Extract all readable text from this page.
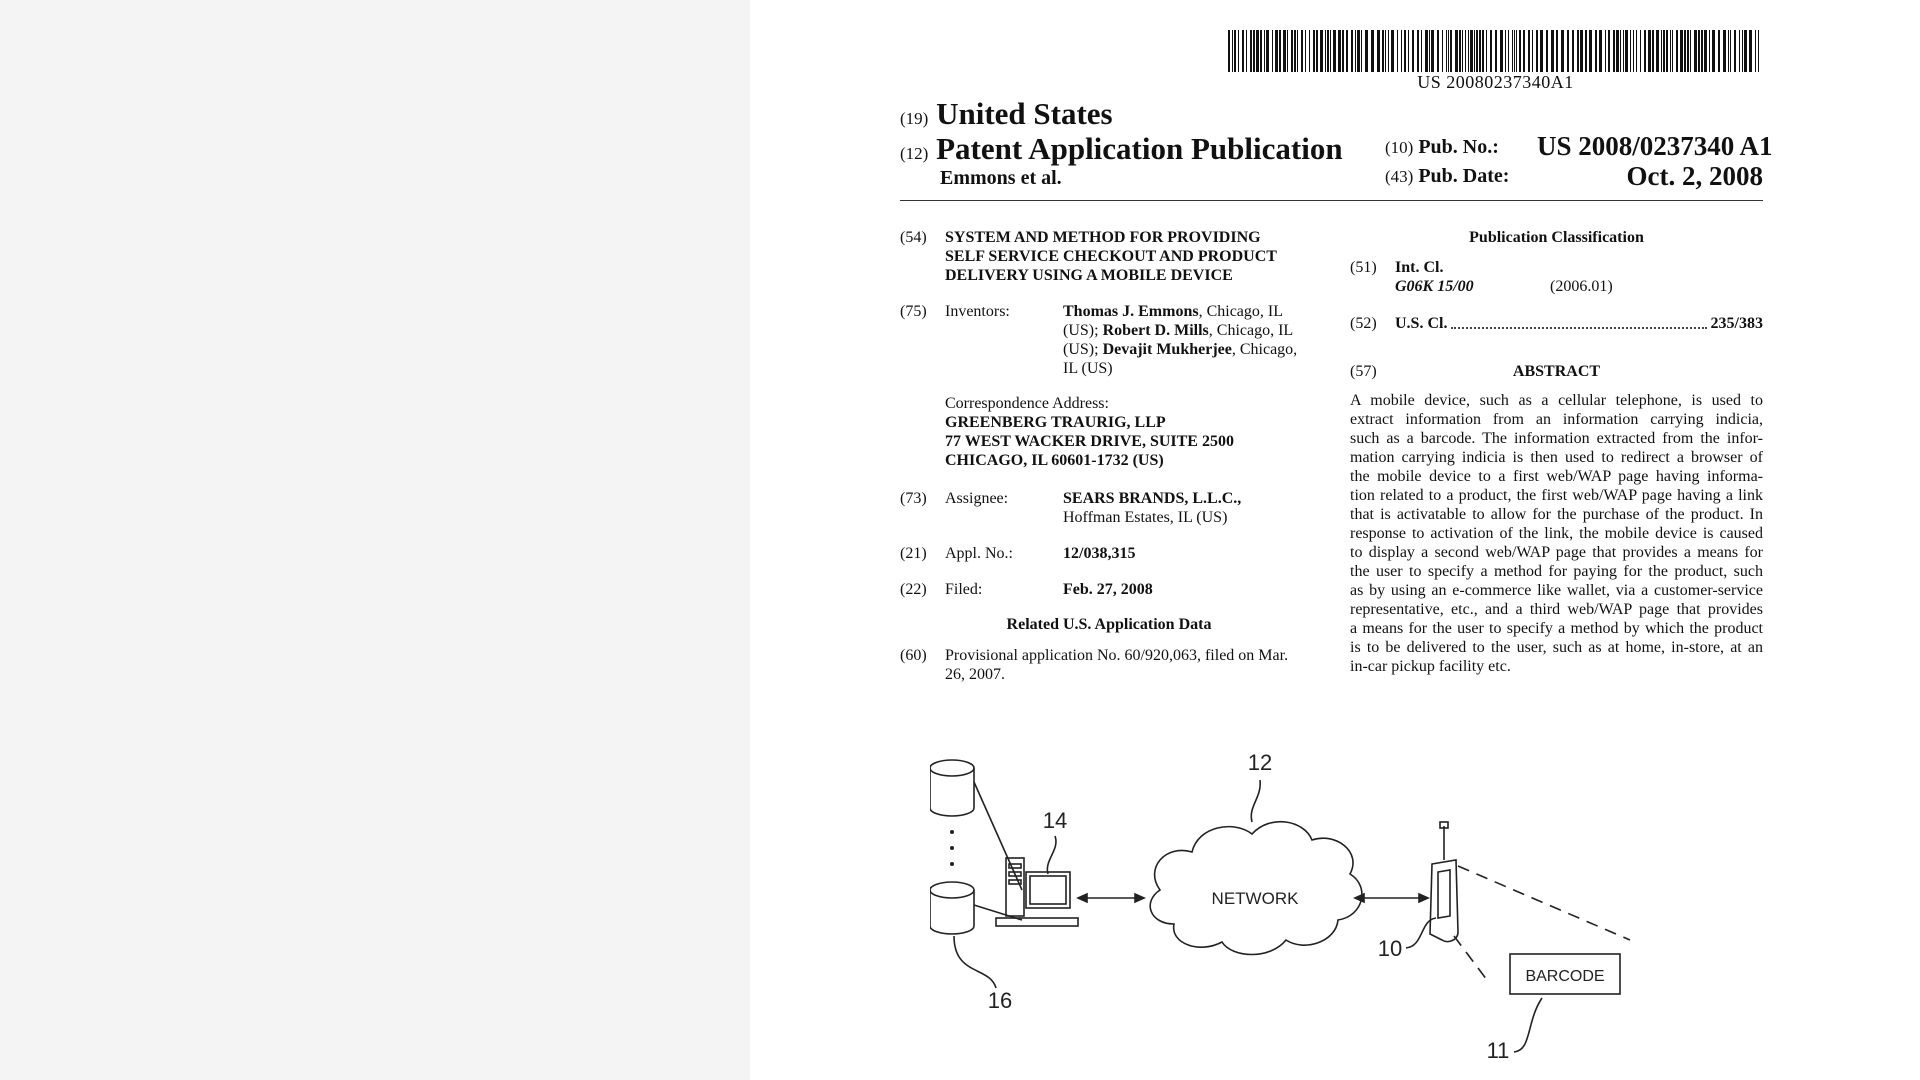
US 20080237340A1
(19) United States
(12) Patent Application Publication
Emmons et al.
(10) Pub. No.: US 2008/0237340 A1
(43) Pub. Date:	Oct. 2, 2008
(54) SYSTEM AND METHOD FOR PROVIDING
SELF SERVICE CHECKOUT AND PRODUCT
DELIVERY USING A MOBILE DEVICE
(75) Inventors:	Thomas J. Emmons, Chicago, IL
(US); Robert D. Mills, Chicago, IL
(US); Devajit Mukherjee, Chicago,
IL (US)
Correspondence Address:
GREENBERG TRAURIG, LLP
77 WEST WACKER DRIVE, SUITE 2500
CHICAGO, IL 60601-1732 (US)
(73) Assignee:	SEARS BRANDS, L.L.C.,
Hoffman Estates, IL (US)
(21) Appl. No.:	12/038,315
(22) Filed:	Feb. 27, 2008
Related U.S. Application Data
(60) Provisional application No. 60/920,063, filed on Mar.
26, 2007.
Publication Classification
(51) Int. Cl.
G06K 15/00	(2006.01)
(52) U.S. Cl.	235/383
(57)	ABSTRACT
A mobile device, such as a cellular telephone, is used to
extract information from an information carrying indicia,
such as a barcode. The information extracted from the infor-
mation carrying indicia is then used to redirect a browser of
the mobile device to a first web/WAP page having informa-
tion related to a product, the first web/WAP page having a link
that is activatable to allow for the purchase of the product. In
response to activation of the link, the mobile device is caused
to display a second web/WAP page that provides a means for
the user to specify a method for paying for the product, such
as by using an e-commerce like wallet, via a customer-service
representative, etc., and a third web/WAP page that provides
a means for the user to specify a method by which the product
is to be delivered to the user, such as at home, in-store, at an
in-car pickup facility etc.
NETWORK
BARCODE
12
14
16
10
11
